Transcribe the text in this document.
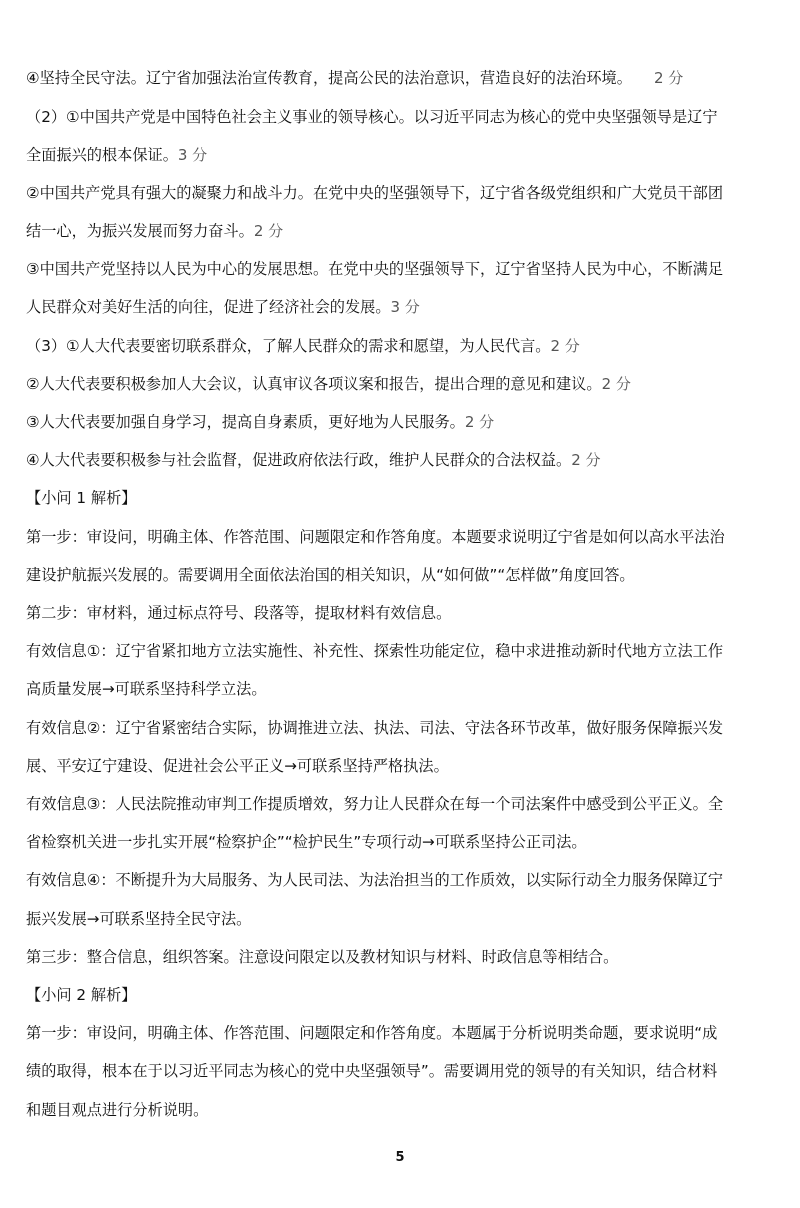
④坚持全民守法。辽宁省加强法治宣传教育，提高公民的法治意识，营造良好的法治环境。 2 分
（2）①中国共产党是中国特色社会主义事业的领导核心。以习近平同志为核心的党中央坚强领导是辽宁
全面振兴的根本保证。3 分
②中国共产党具有强大的凝聚力和战斗力。在党中央的坚强领导下，辽宁省各级党组织和广大党员干部团
结一心，为振兴发展而努力奋斗。2 分
③中国共产党坚持以人民为中心的发展思想。在党中央的坚强领导下，辽宁省坚持人民为中心，不断满足
人民群众对美好生活的向往，促进了经济社会的发展。3 分
（3）①人大代表要密切联系群众，了解人民群众的需求和愿望，为人民代言。2 分
②人大代表要积极参加人大会议，认真审议各项议案和报告，提出合理的意见和建议。2 分
③人大代表要加强自身学习，提高自身素质，更好地为人民服务。2 分
④人大代表要积极参与社会监督，促进政府依法行政，维护人民群众的合法权益。2 分
【小问 1 解析】
第一步：审设问，明确主体、作答范围、问题限定和作答角度。本题要求说明辽宁省是如何以高水平法治
建设护航振兴发展的。需要调用全面依法治国的相关知识，从“如何做”“怎样做”角度回答。
第二步：审材料，通过标点符号、段落等，提取材料有效信息。
有效信息①：辽宁省紧扣地方立法实施性、补充性、探索性功能定位，稳中求进推动新时代地方立法工作
高质量发展→可联系坚持科学立法。
有效信息②：辽宁省紧密结合实际，协调推进立法、执法、司法、守法各环节改革，做好服务保障振兴发
展、平安辽宁建设、促进社会公平正义→可联系坚持严格执法。
有效信息③：人民法院推动审判工作提质增效，努力让人民群众在每一个司法案件中感受到公平正义。全
省检察机关进一步扎实开展“检察护企”“检护民生”专项行动→可联系坚持公正司法。
有效信息④：不断提升为大局服务、为人民司法、为法治担当的工作质效，以实际行动全力服务保障辽宁
振兴发展→可联系坚持全民守法。
第三步：整合信息，组织答案。注意设问限定以及教材知识与材料、时政信息等相结合。
【小问 2 解析】
第一步：审设问，明确主体、作答范围、问题限定和作答角度。本题属于分析说明类命题，要求说明“成
绩的取得，根本在于以习近平同志为核心的党中央坚强领导”。需要调用党的领导的有关知识，结合材料
和题目观点进行分析说明。
5
